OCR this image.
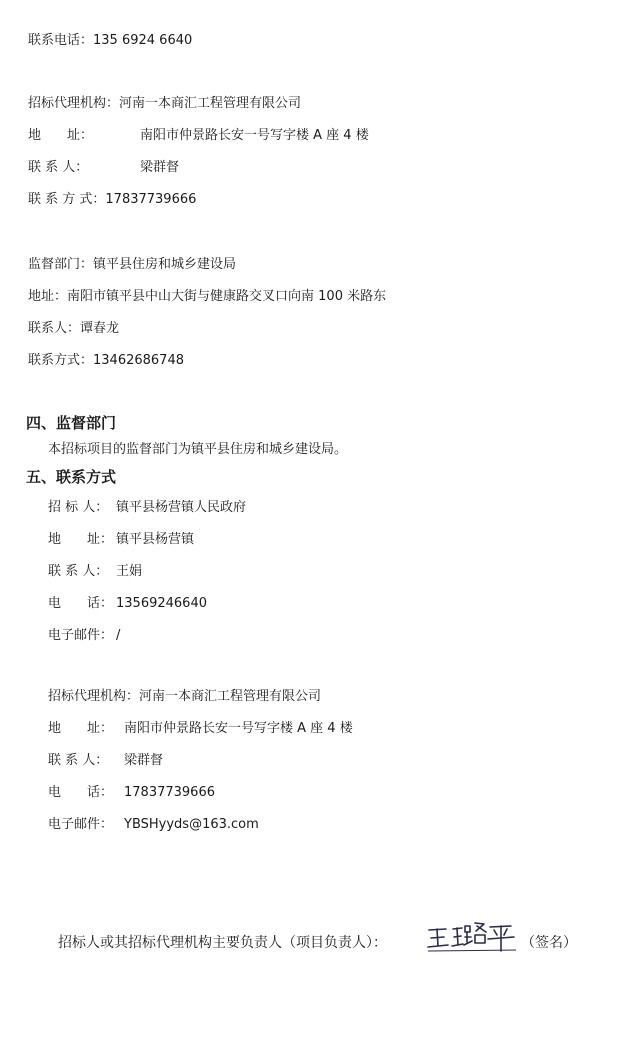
联系电话：135 6924 6640
招标代理机构：河南一本商汇工程管理有限公司
地　　址：	南阳市仲景路长安一号写字楼 A 座 4 楼
联 系 人：	梁群督
联 系 方 式：17837739666
监督部门：镇平县住房和城乡建设局
地址：南阳市镇平县中山大街与健康路交叉口向南 100 米路东
联系人：谭春龙
联系方式：13462686748
四、监督部门
本招标项目的监督部门为镇平县住房和城乡建设局。
五、联系方式
招 标 人： 镇平县杨营镇人民政府
地　　址： 镇平县杨营镇
联 系 人： 王娟
电　　话： 13569246640
电子邮件： /
招标代理机构：河南一本商汇工程管理有限公司
地　　址： 南阳市仲景路长安一号写字楼 A 座 4 楼
联 系 人： 梁群督
电　　话： 17837739666
电子邮件： YBSHyyds@163.com
招标人或其招标代理机构主要负责人（项目负责人）：	（签名）
